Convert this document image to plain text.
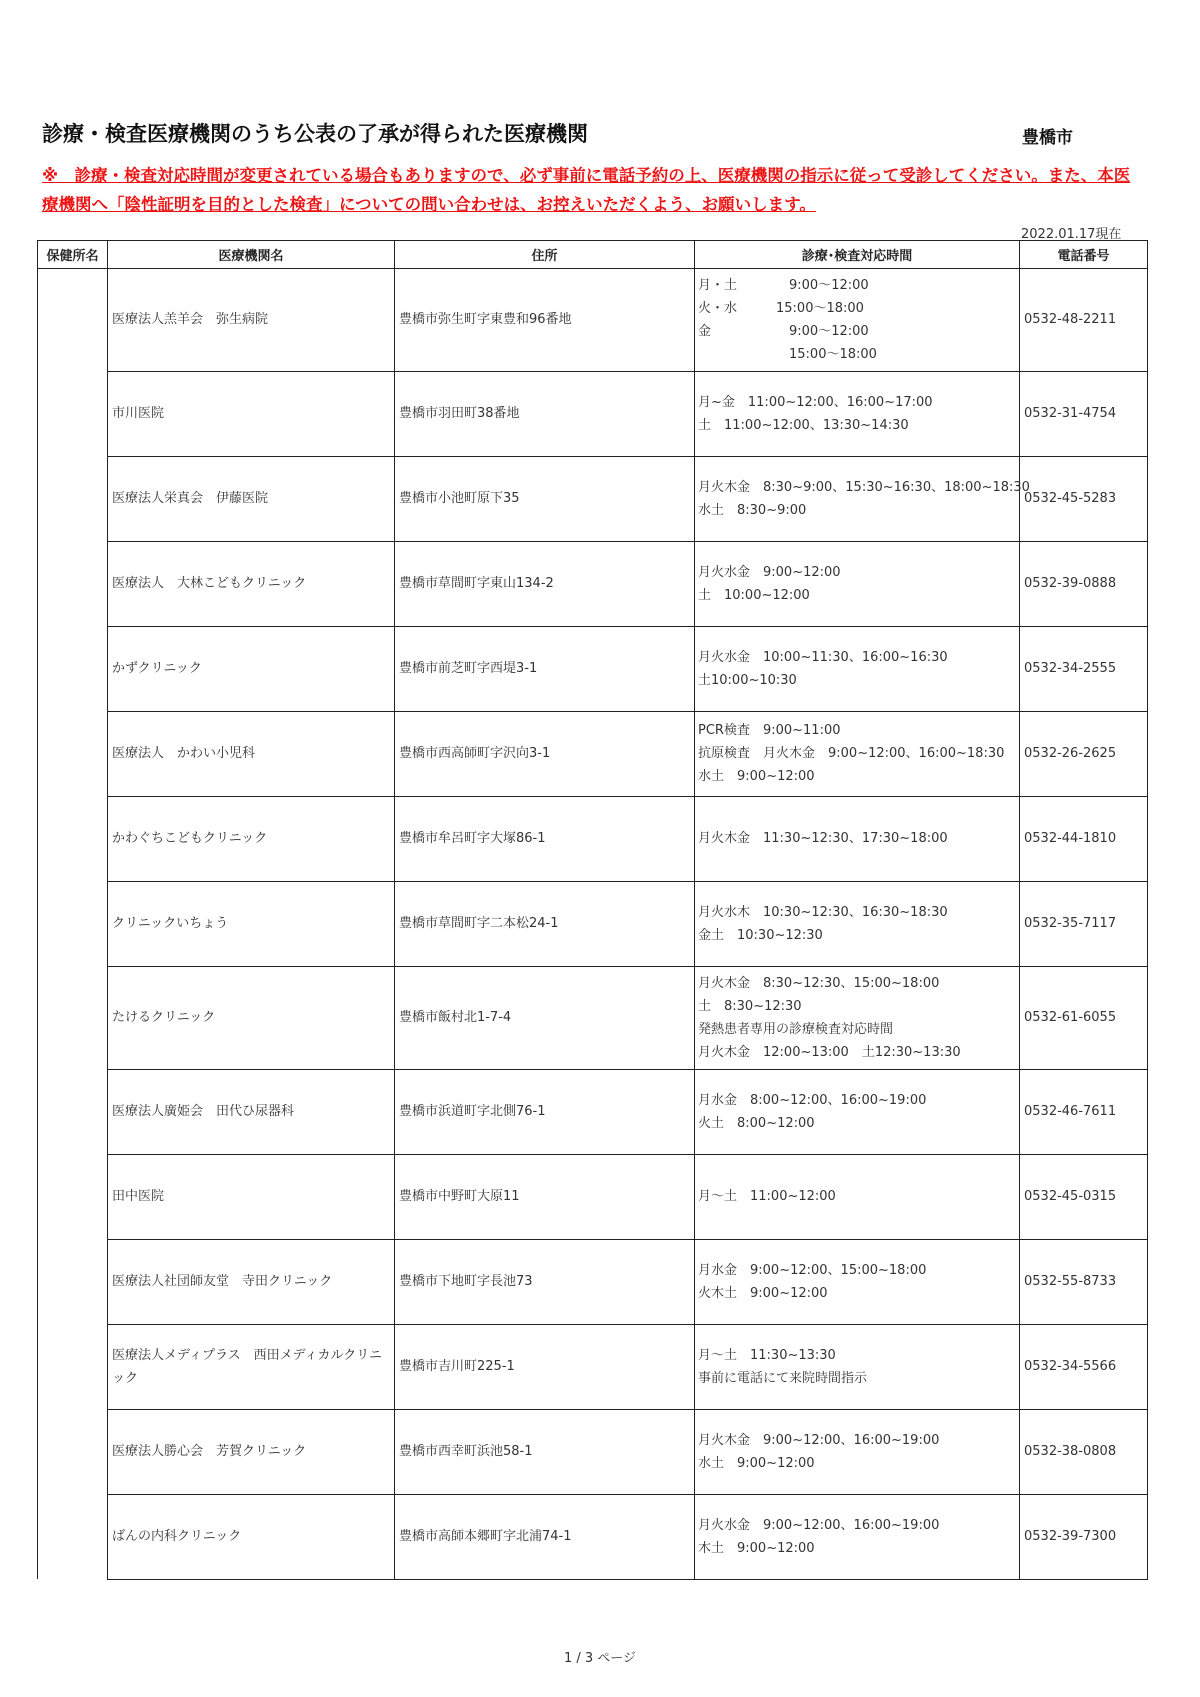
診療・検査医療機関のうち公表の了承が得られた医療機関	豊橋市
※　診療・検査対応時間が変更されている場合もありますので、必ず事前に電話予約の上、医療機関の指示に従って受診してください。また、本医療機関へ「陰性証明を目的とした検査」についての問い合わせは、お控えいただくよう、お願いします。
2022.01.17現在
保健所名	医療機関名	住所	診療･検査対応時間	電話番号
	医療法人羔羊会　弥生病院	豊橋市弥生町字東豊和96番地	月・土　　　　9:00〜12:00
火・水　　　15:00〜18:00
金　　　　　　9:00〜12:00
　　　　　　　15:00〜18:00	0532-48-2211
	市川医院	豊橋市羽田町38番地	月~金　11:00~12:00、16:00~17:00
土　11:00~12:00、13:30~14:30	0532-31-4754
	医療法人栄真会　伊藤医院	豊橋市小池町原下35	月火木金　8:30~9:00、15:30~16:30、18:00~18:30
水土　8:30~9:00	0532-45-5283
	医療法人　大林こどもクリニック	豊橋市草間町字東山134-2	月火水金　9:00~12:00
土　10:00~12:00	0532-39-0888
	かずクリニック	豊橋市前芝町字西堤3-1	月火水金　10:00~11:30、16:00~16:30
土10:00~10:30	0532-34-2555
	医療法人　かわい小児科	豊橋市西高師町字沢向3-1	PCR検査　9:00~11:00
抗原検査　月火木金　9:00~12:00、16:00~18:30
水土　9:00~12:00	0532-26-2625
	かわぐちこどもクリニック	豊橋市牟呂町字大塚86-1	月火木金　11:30~12:30、17:30~18:00	0532-44-1810
	クリニックいちょう	豊橋市草間町字二本松24-1	月火水木　10:30~12:30、16:30~18:30
金土　10:30~12:30	0532-35-7117
	たけるクリニック	豊橋市飯村北1-7-4	月火木金　8:30~12:30、15:00~18:00
土　8:30~12:30
発熱患者専用の診療検査対応時間
月火木金　12:00~13:00　土12:30~13:30	0532-61-6055
	医療法人廣姫会　田代ひ尿器科	豊橋市浜道町字北側76-1	月水金　8:00~12:00、16:00~19:00
火土　8:00~12:00	0532-46-7611
	田中医院	豊橋市中野町大原11	月〜土　11:00~12:00	0532-45-0315
	医療法人社団師友堂　寺田クリニック	豊橋市下地町字長池73	月水金　9:00~12:00、15:00~18:00
火木土　9:00~12:00	0532-55-8733
	医療法人メディプラス　西田メディカルクリニック	豊橋市吉川町225-1	月〜土　11:30~13:30
事前に電話にて来院時間指示	0532-34-5566
	医療法人勝心会　芳賀クリニック	豊橋市西幸町浜池58-1	月火木金　9:00~12:00、16:00~19:00
水土　9:00~12:00	0532-38-0808
	ばんの内科クリニック	豊橋市高師本郷町字北浦74-1	月火水金　9:00~12:00、16:00~19:00
木土　9:00~12:00	0532-39-7300
1 / 3 ページ
